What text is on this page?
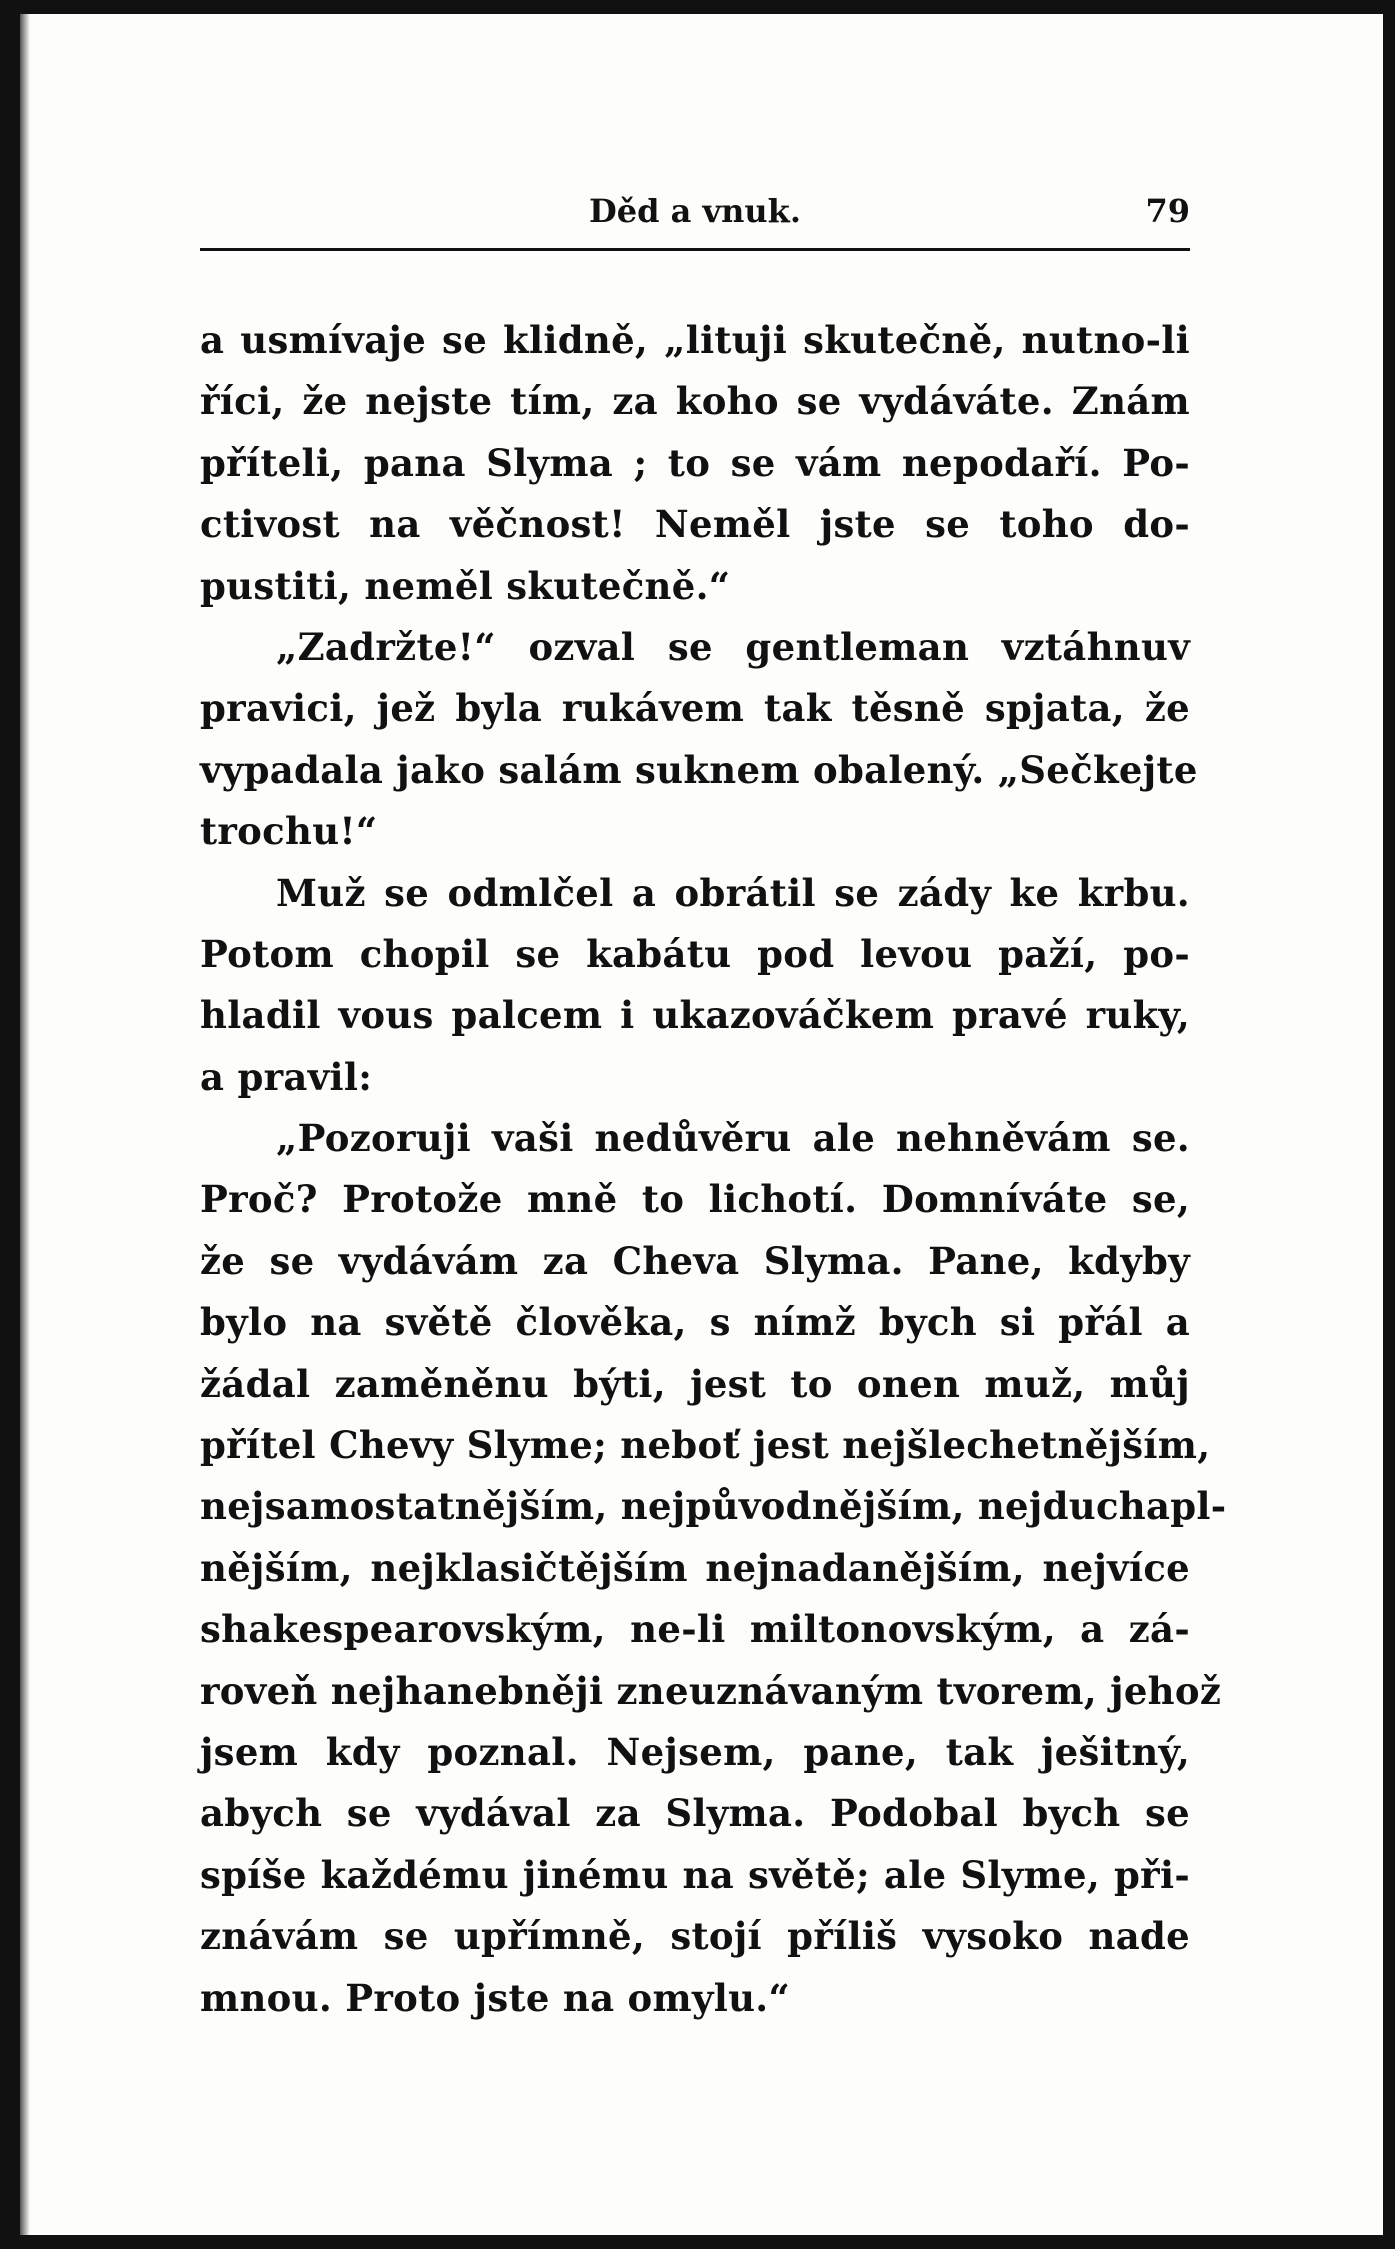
Děd a vnuk.	79
a usmívaje se klidně, „lituji skutečně, nutno-li
říci, že nejste tím, za koho se vydáváte. Znám
příteli, pana Slyma ; to se vám nepodaří. Po-
ctivost na věčnost! Neměl jste se toho do-
pustiti, neměl skutečně.“
„Zadržte!“ ozval se gentleman vztáhnuv
pravici, jež byla rukávem tak těsně spjata, že
vypadala jako salám suknem obalený. „Sečkejte
trochu!“
Muž se odmlčel a obrátil se zády ke krbu.
Potom chopil se kabátu pod levou paží, po-
hladil vous palcem i ukazováčkem pravé ruky,
a pravil:
„Pozoruji vaši nedůvěru ale nehněvám se.
Proč? Protože mně to lichotí. Domníváte se,
že se vydávám za Cheva Slyma. Pane, kdyby
bylo na světě člověka, s nímž bych si přál a
žádal zaměněnu býti, jest to onen muž, můj
přítel Chevy Slyme; neboť jest nejšlechetnějším,
nejsamostatnějším, nejpůvodnějším, nejduchapl-
nějším, nejklasičtějším nejnadanějším, nejvíce
shakespearovským, ne-li miltonovským, a zá-
roveň nejhanebněji zneuznávaným tvorem, jehož
jsem kdy poznal. Nejsem, pane, tak ješitný,
abych se vydával za Slyma. Podobal bych se
spíše každému jinému na světě; ale Slyme, při-
znávám se upřímně, stojí příliš vysoko nade
mnou. Proto jste na omylu.“
